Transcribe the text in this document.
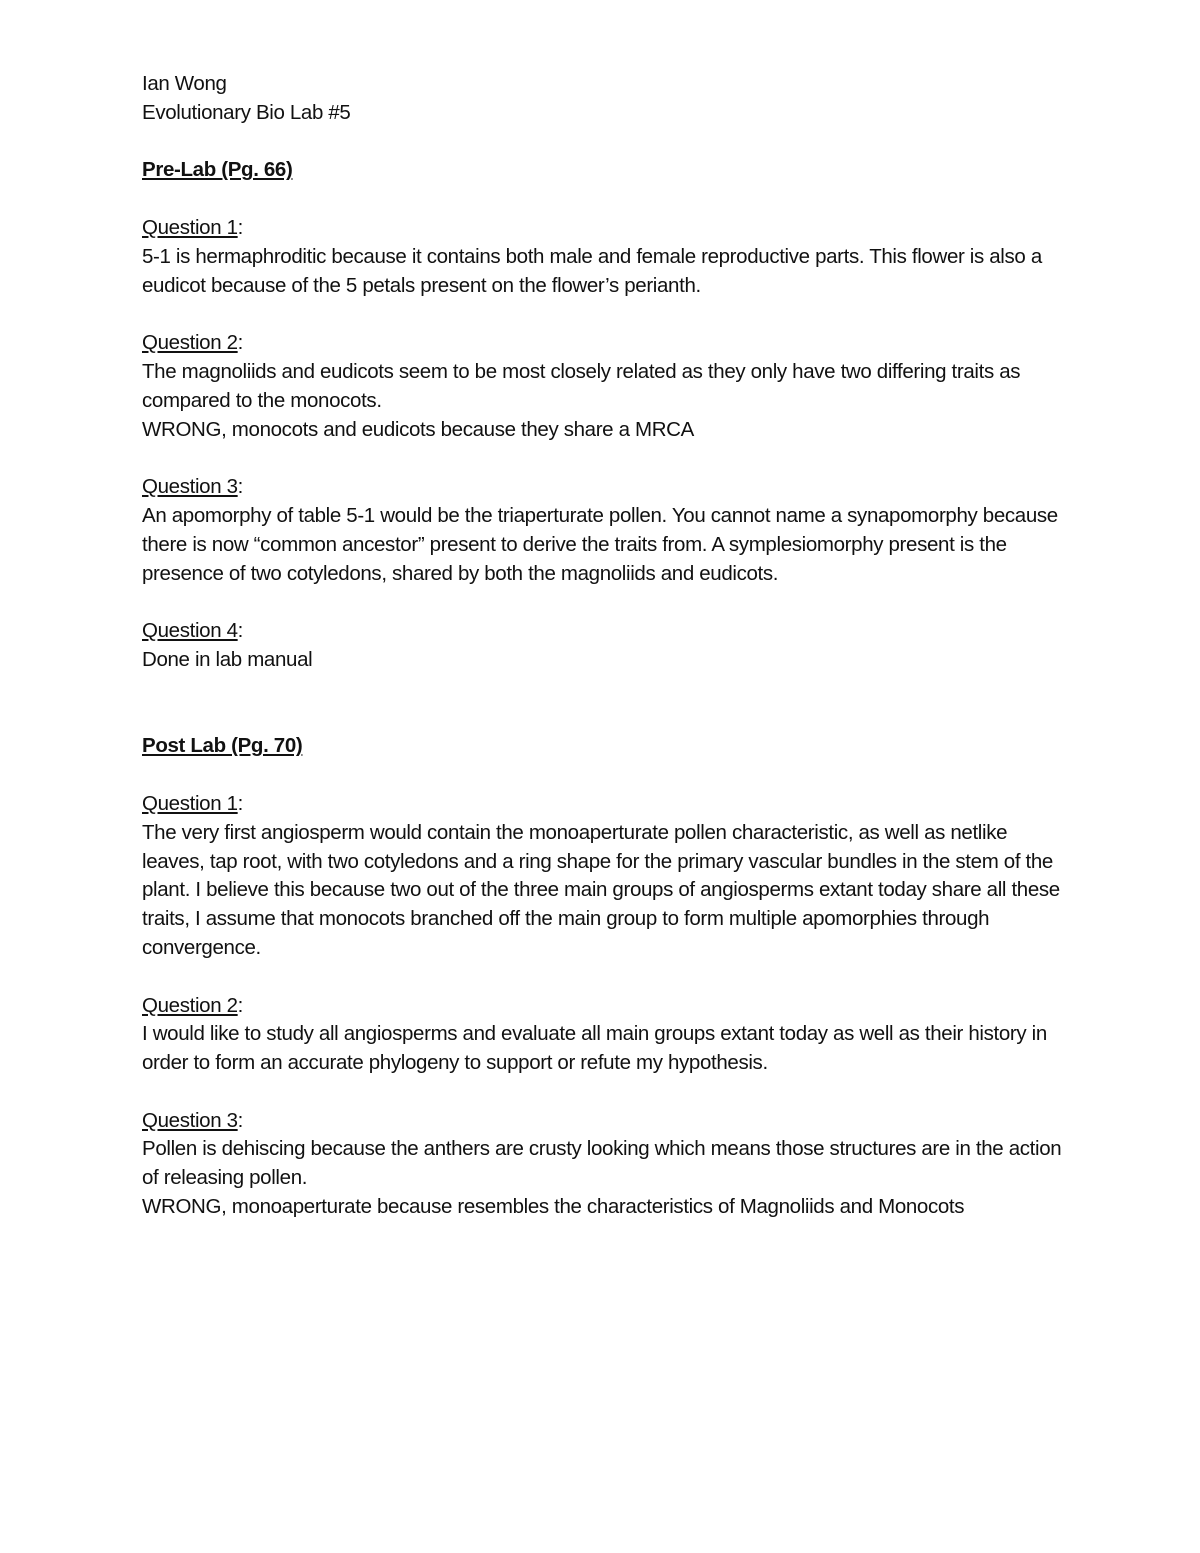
Ian Wong
Evolutionary Bio Lab #5
Pre-Lab (Pg. 66)
Question 1:
5-1 is hermaphroditic because it contains both male and female reproductive parts. This flower is also a eudicot because of the 5 petals present on the flower’s perianth.
Question 2:
The magnoliids and eudicots seem to be most closely related as they only have two differing traits as compared to the monocots.
WRONG, monocots and eudicots because they share a MRCA
Question 3:
An apomorphy of table 5-1 would be the triaperturate pollen. You cannot name a synapomorphy because there is now “common ancestor” present to derive the traits from. A symplesiomorphy present is the presence of two cotyledons, shared by both the magnoliids and eudicots.
Question 4:
Done in lab manual
Post Lab (Pg. 70)
Question 1:
The very first angiosperm would contain the monoaperturate pollen characteristic, as well as netlike leaves, tap root, with two cotyledons and a ring shape for the primary vascular bundles in the stem of the plant. I believe this because two out of the three main groups of angiosperms extant today share all these traits, I assume that monocots branched off the main group to form multiple apomorphies through convergence.
Question 2:
I would like to study all angiosperms and evaluate all main groups extant today as well as their history in order to form an accurate phylogeny to support or refute my hypothesis.
Question 3:
Pollen is dehiscing because the anthers are crusty looking which means those structures are in the action of releasing pollen.
WRONG, monoaperturate because resembles the characteristics of Magnoliids and Monocots
